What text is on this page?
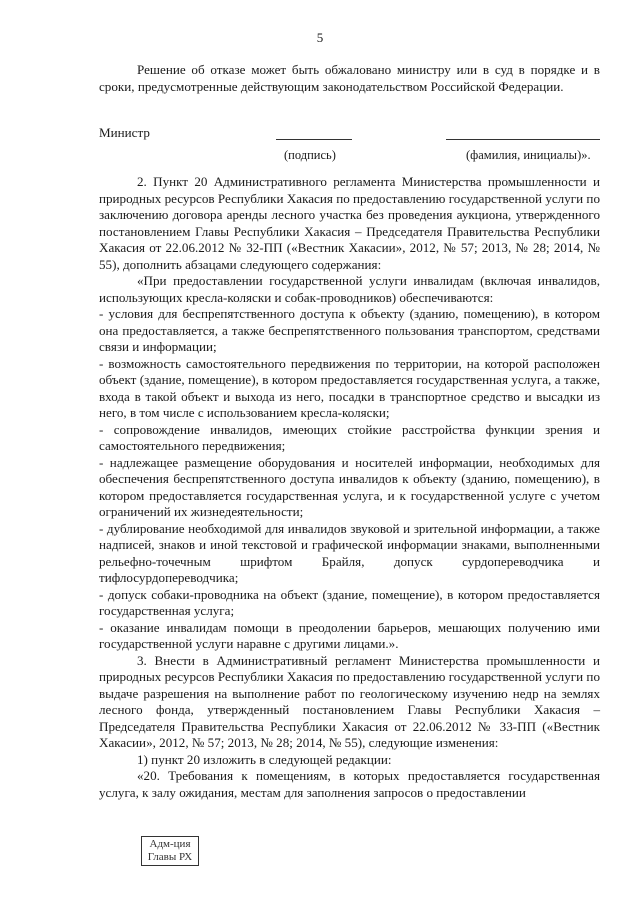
5

Решение об отказе может быть обжаловано министру или в суд в порядке и в сроки, предусмотренные действующим законодательством Российской Федерации.

Министр
(подпись)	(фамилия, инициалы)».

2. Пункт 20 Административного регламента Министерства промышленности и природных ресурсов Республики Хакасия по предоставлению государственной услуги по заключению договора аренды лесного участка без проведения аукциона, утвержденного постановлением Главы Республики Хакасия – Председателя Правительства Республики Хакасия от 22.06.2012 № 32-ПП («Вестник Хакасии», 2012, № 57; 2013, № 28; 2014, № 55), дополнить абзацами следующего содержания:

«При предоставлении государственной услуги инвалидам (включая инвалидов, использующих кресла-коляски и собак-проводников) обеспечиваются:

- условия для беспрепятственного доступа к объекту (зданию, помещению), в котором она предоставляется, а также беспрепятственного пользования транспортом, средствами связи и информации;

- возможность самостоятельного передвижения по территории, на которой расположен объект (здание, помещение), в котором предоставляется государственная услуга, а также, входа в такой объект и выхода из него, посадки в транспортное средство и высадки из него, в том числе с использованием кресла-коляски;

- сопровождение инвалидов, имеющих стойкие расстройства функции зрения и самостоятельного передвижения;

- надлежащее размещение оборудования и носителей информации, необходимых для обеспечения беспрепятственного доступа инвалидов к объекту (зданию, помещению), в котором предоставляется государственная услуга, и к государственной услуге с учетом ограничений их жизнедеятельности;

- дублирование необходимой для инвалидов звуковой и зрительной информации, а также надписей, знаков и иной текстовой и графической информации знаками, выполненными рельефно-точечным шрифтом Брайля, допуск сурдопереводчика и тифлосурдопереводчика;

- допуск собаки-проводника на объект (здание, помещение), в котором предоставляется государственная услуга;

- оказание инвалидам помощи в преодолении барьеров, мешающих получению ими государственной услуги наравне с другими лицами.».

3. Внести в Административный регламент Министерства промышленности и природных ресурсов Республики Хакасия по предоставлению государственной услуги по выдаче разрешения на выполнение работ по геологическому изучению недр на землях лесного фонда, утвержденный постановлением Главы Республики Хакасия – Председателя Правительства Республики Хакасия от 22.06.2012 № 33-ПП («Вестник Хакасии», 2012, № 57; 2013, № 28; 2014, № 55), следующие изменения:

1) пункт 20 изложить в следующей редакции:

«20. Требования к помещениям, в которых предоставляется государственная услуга, к залу ожидания, местам для заполнения запросов о предоставлении

Адм-ция
Главы РХ
